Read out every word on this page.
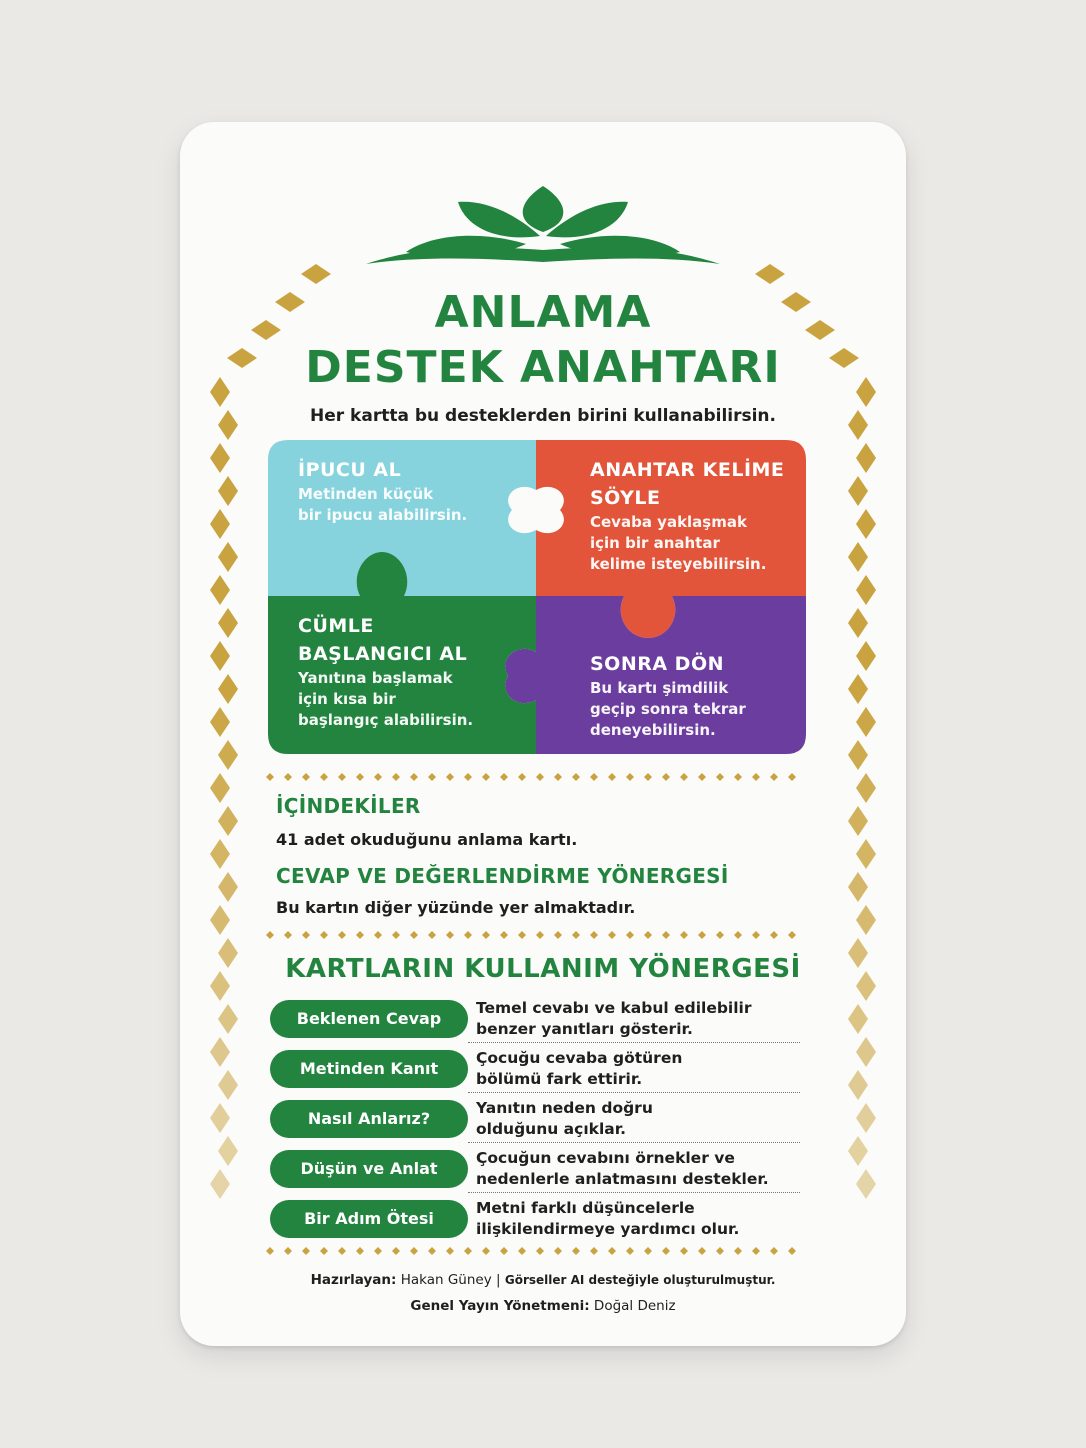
ANLAMA
DESTEK ANAHTARI
Her kartta bu desteklerden birini kullanabilirsin.
İPUCU AL
Metinden küçük
bir ipucu alabilirsin.
ANAHTAR KELİME
SÖYLE
Cevaba yaklaşmak
için bir anahtar
kelime isteyebilirsin.
CÜMLE
BAŞLANGICI AL
Yanıtına başlamak
için kısa bir
başlangıç alabilirsin.
SONRA DÖN
Bu kartı şimdilik
geçip sonra tekrar
deneyebilirsin.
İÇİNDEKİLER
41 adet okuduğunu anlama kartı.
CEVAP VE DEĞERLENDİRME YÖNERGESİ
Bu kartın diğer yüzünde yer almaktadır.
KARTLARIN KULLANIM YÖNERGESİ
Beklenen Cevap
Temel cevabı ve kabul edilebilir
benzer yanıtları gösterir.
Metinden Kanıt
Çocuğu cevaba götüren
bölümü fark ettirir.
Nasıl Anlarız?
Yanıtın neden doğru
olduğunu açıklar.
Düşün ve Anlat
Çocuğun cevabını örnekler ve
nedenlerle anlatmasını destekler.
Bir Adım Ötesi
Metni farklı düşüncelerle
ilişkilendirmeye yardımcı olur.
Hazırlayan: Hakan Güney | Görseller AI desteğiyle oluşturulmuştur.
Genel Yayın Yönetmeni: Doğal Deniz
